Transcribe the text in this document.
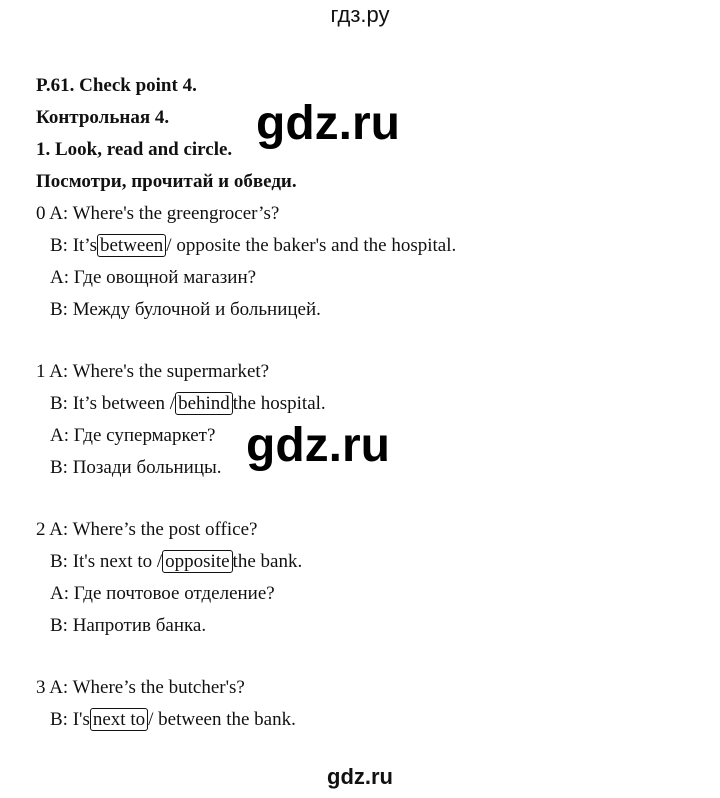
гдз.ру
P.61. Check point 4.
Контрольная 4.
1. Look, read and circle.
Посмотри, прочитай и обведи.
0 A: Where's the greengrocer’s?
B: It’s between / opposite the baker's and the hospital.
А: Где овощной магазин?
В: Между булочной и больницей.
1 A: Where's the supermarket?
B: It’s between / behind the hospital.
А: Где супермаркет?
В: Позади больницы.
2 A: Where’s the post office?
B: It's next to / opposite the bank.
А: Где почтовое отделение?
В: Напротив банка.
3 A: Where’s the butcher's?
B: I's next to / between the bank.
gdz.ru
gdz.ru
gdz.ru
